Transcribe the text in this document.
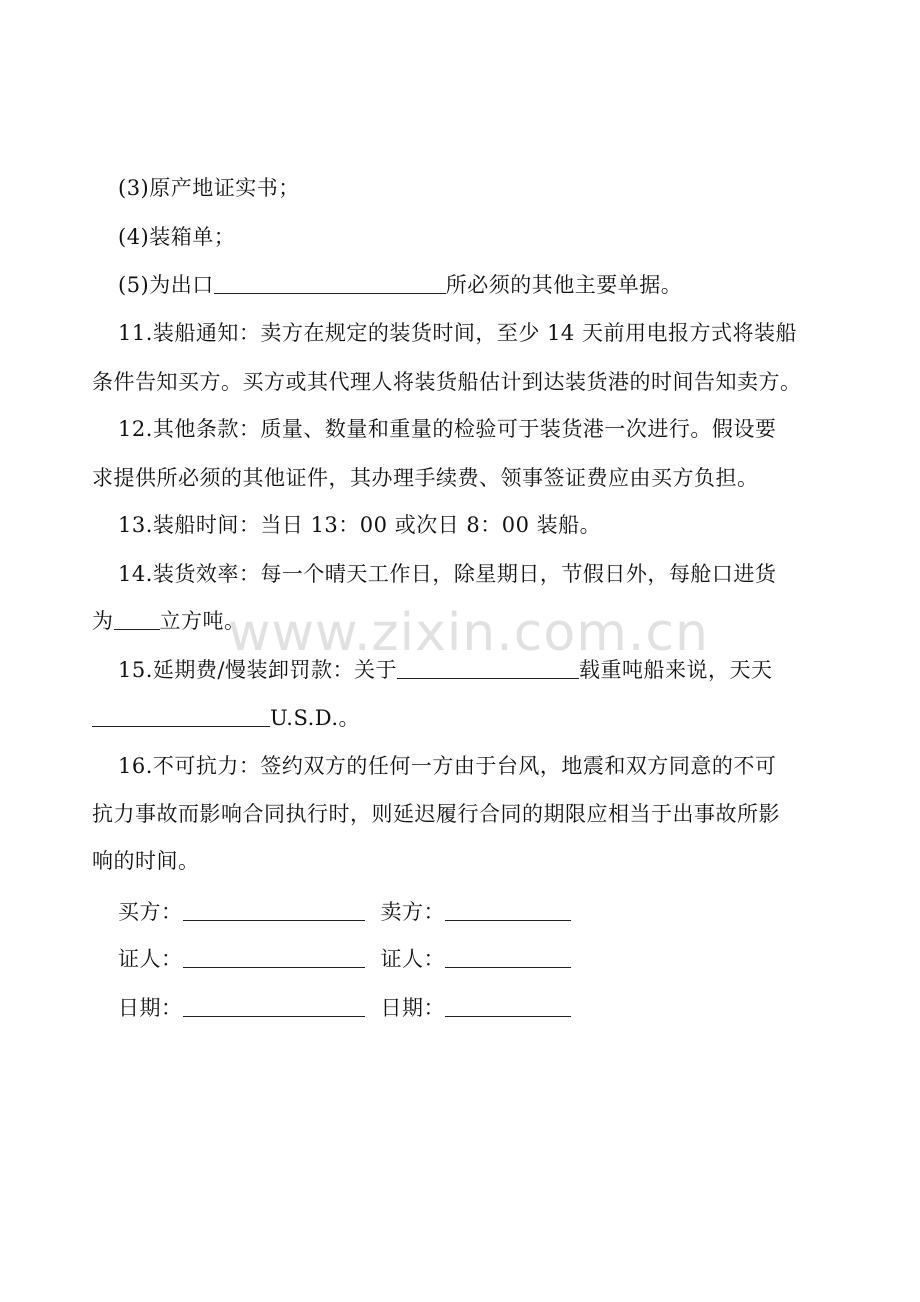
(3)原产地证实书；
(4)装箱单；
(5)为出口	所必须的其他主要单据。
11.装船通知：卖方在规定的装货时间，至少 14 天前用电报方式将装船
条件告知买方。买方或其代理人将装货船估计到达装货港的时间告知卖方。
12.其他条款：质量、数量和重量的检验可于装货港一次进行。假设要
求提供所必须的其他证件，其办理手续费、领事签证费应由买方负担。
13.装船时间：当日 13：00 或次日 8：00 装船。
14.装货效率：每一个晴天工作日，除星期日，节假日外，每舱口进货
为 立方吨。
15.延期费/慢装卸罚款：关于	载重吨船来说，天天
U.S.D.。
16.不可抗力：签约双方的任何一方由于台风，地震和双方同意的不可
抗力事故而影响合同执行时，则延迟履行合同的期限应相当于出事故所影
响的时间。
买方：	卖方：
证人：	证人：
日期：	日期：
www.zixin.com.cn
